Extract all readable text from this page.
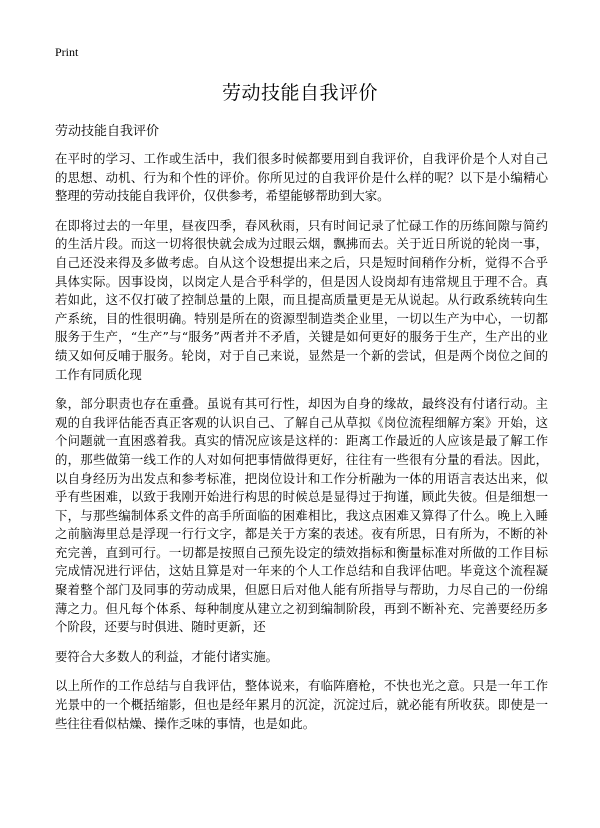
Print
劳动技能自我评价
劳动技能自我评价

在平时的学习、工作或生活中，我们很多时候都要用到自我评价，自我评价是个人对自己的思想、动机、行为和个性的评价。你所见过的自我评价是什么样的呢？以下是小编精心整理的劳动技能自我评价，仅供参考，希望能够帮助到大家。

在即将过去的一年里，昼夜四季，春风秋雨，只有时间记录了忙碌工作的历练间隙与简约的生活片段。而这一切将很快就会成为过眼云烟，飘拂而去。关于近日所说的轮岗一事，自己还没来得及多做考虑。自从这个设想提出来之后，只是短时间稍作分析，觉得不合乎具体实际。因事设岗，以岗定人是合乎科学的，但是因人设岗却有违常规且于理不合。真若如此，这不仅打破了控制总量的上限，而且提高质量更是无从说起。从行政系统转向生产系统，目的性很明确。特别是所在的资源型制造类企业里，一切以生产为中心，一切都服务于生产，“生产”与“服务”两者并不矛盾，关键是如何更好的服务于生产，生产出的业绩又如何反哺于服务。轮岗，对于自己来说，显然是一个新的尝试，但是两个岗位之间的工作有同质化现

象，部分职责也存在重叠。虽说有其可行性，却因为自身的缘故，最终没有付诸行动。主观的自我评估能否真正客观的认识自己、了解自己从草拟《岗位流程细解方案》开始，这个问题就一直困惑着我。真实的情况应该是这样的：距离工作最近的人应该是最了解工作的，那些做第一线工作的人对如何把事情做得更好，往往有一些很有分量的看法。因此，以自身经历为出发点和参考标准，把岗位设计和工作分析融为一体的用语言表达出来，似乎有些困难，以致于我刚开始进行构思的时候总是显得过于拘谨，顾此失彼。但是细想一下，与那些编制体系文件的高手所面临的困难相比，我这点困难又算得了什么。晚上入睡之前脑海里总是浮现一行行文字，都是关于方案的表述。夜有所思，日有所为，不断的补充完善，直到可行。一切都是按照自己预先设定的绩效指标和衡量标准对所做的工作目标完成情况进行评估，这姑且算是对一年来的个人工作总结和自我评估吧。毕竟这个流程凝聚着整个部门及同事的劳动成果，但愿日后对他人能有所指导与帮助，力尽自己的一份绵薄之力。但凡每个体系、每种制度从建立之初到编制阶段，再到不断补充、完善要经历多个阶段，还要与时俱进、随时更新，还

要符合大多数人的利益，才能付诸实施。

以上所作的工作总结与自我评估，整体说来，有临阵磨枪，不快也光之意。只是一年工作光景中的一个概括缩影，但也是经年累月的沉淀，沉淀过后，就必能有所收获。即使是一些往往看似枯燥、操作乏味的事情，也是如此。
